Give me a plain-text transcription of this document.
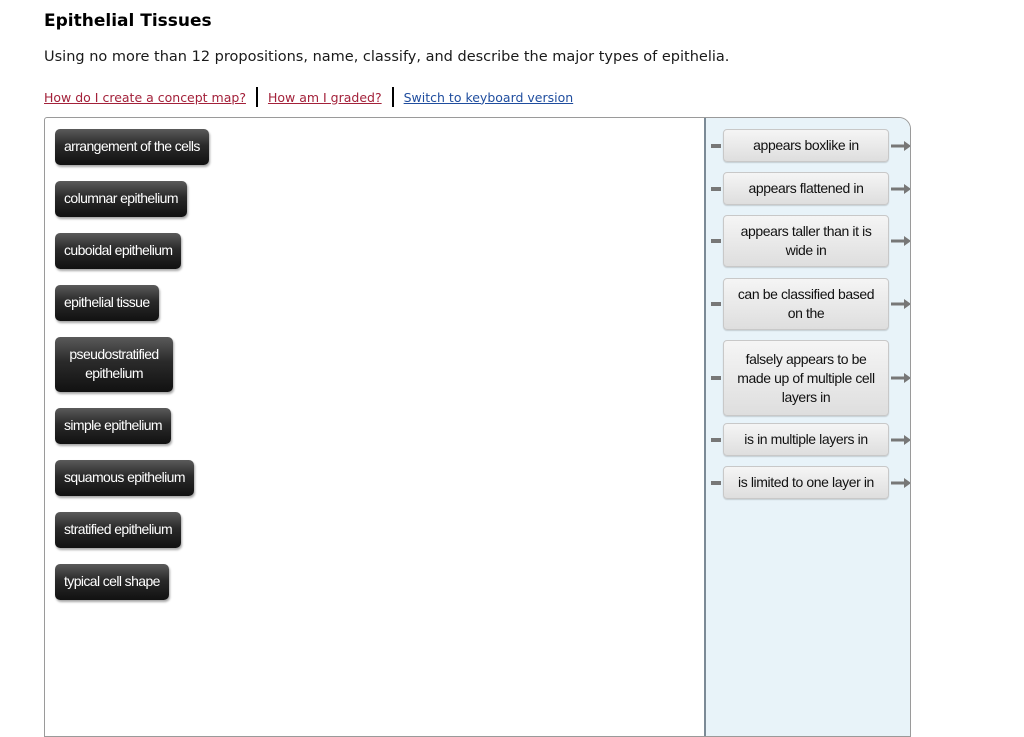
Epithelial Tissues

Using no more than 12 propositions, name, classify, and describe the major types of epithelia.

How do I create a concept map? How am I graded? Switch to keyboard version
arrangement of the cells
columnar epithelium
cuboidal epithelium
epithelial tissue
pseudostratified epithelium
simple epithelium
squamous epithelium
stratified epithelium
typical cell shape
appears boxlike in
appears flattened in
appears taller than it is wide in
can be classified based on the
falsely appears to be made up of multiple cell layers in
is in multiple layers in
is limited to one layer in
